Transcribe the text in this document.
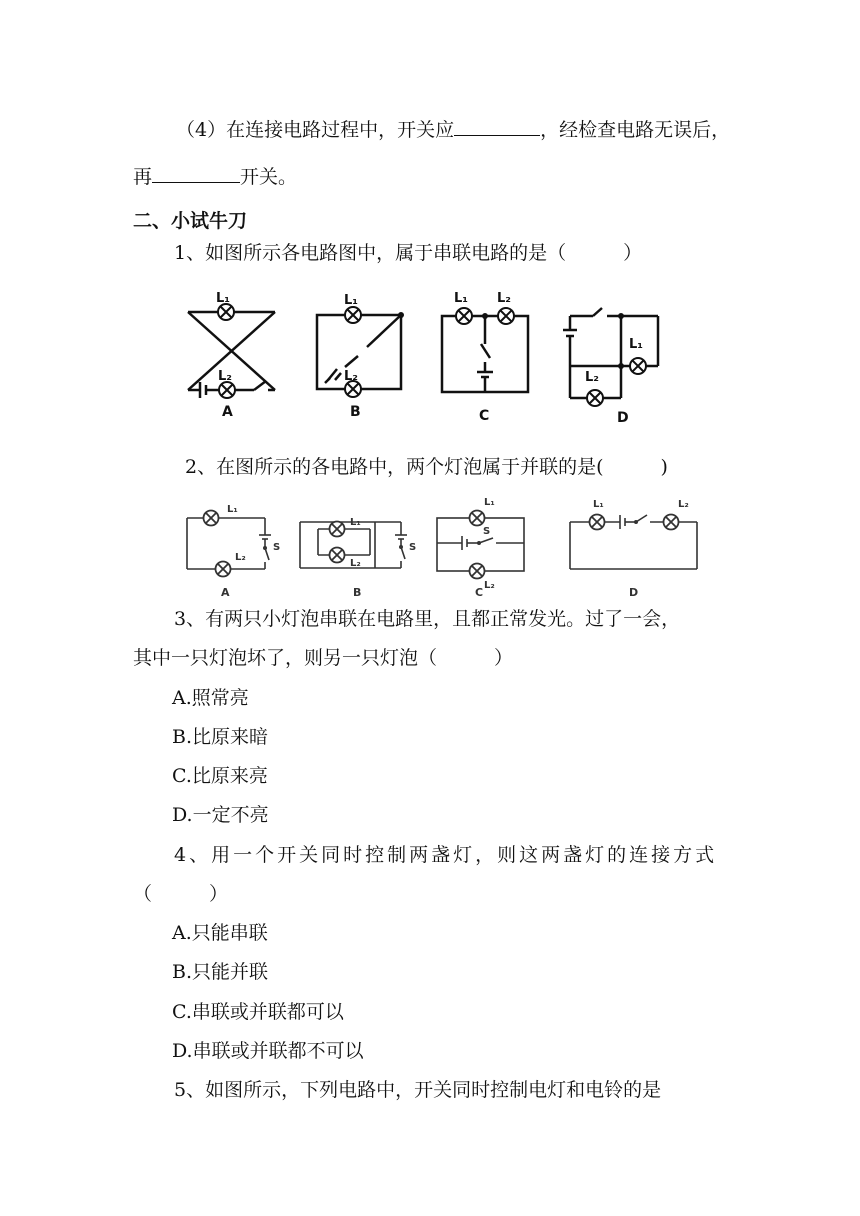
（4）在连接电路过程中，开关应	，经检查电路无误后，
再	开关。
二、小试牛刀
1、如图所示各电路图中，属于串联电路的是（　　　）
L₁
L₂
L₁
L₂
L₁ L₂
L₁
L₂
A	B	C	D
2、在图所示的各电路中，两个灯泡属于并联的是(　　　)
L₁
L₂
L₁
L₂
L₁
L₂
L₁	L₂
S	S
S
A	B	C	D
3、有两只小灯泡串联在电路里，且都正常发光。过了一会，
其中一只灯泡坏了，则另一只灯泡（　　　）
A.照常亮
B.比原来暗
C.比原来亮
D.一定不亮
4、用一个开关同时控制两盏灯，则这两盏灯的连接方式
（　　　）
A.只能串联
B.只能并联
C.串联或并联都可以
D.串联或并联都不可以
5、如图所示，下列电路中，开关同时控制电灯和电铃的是
